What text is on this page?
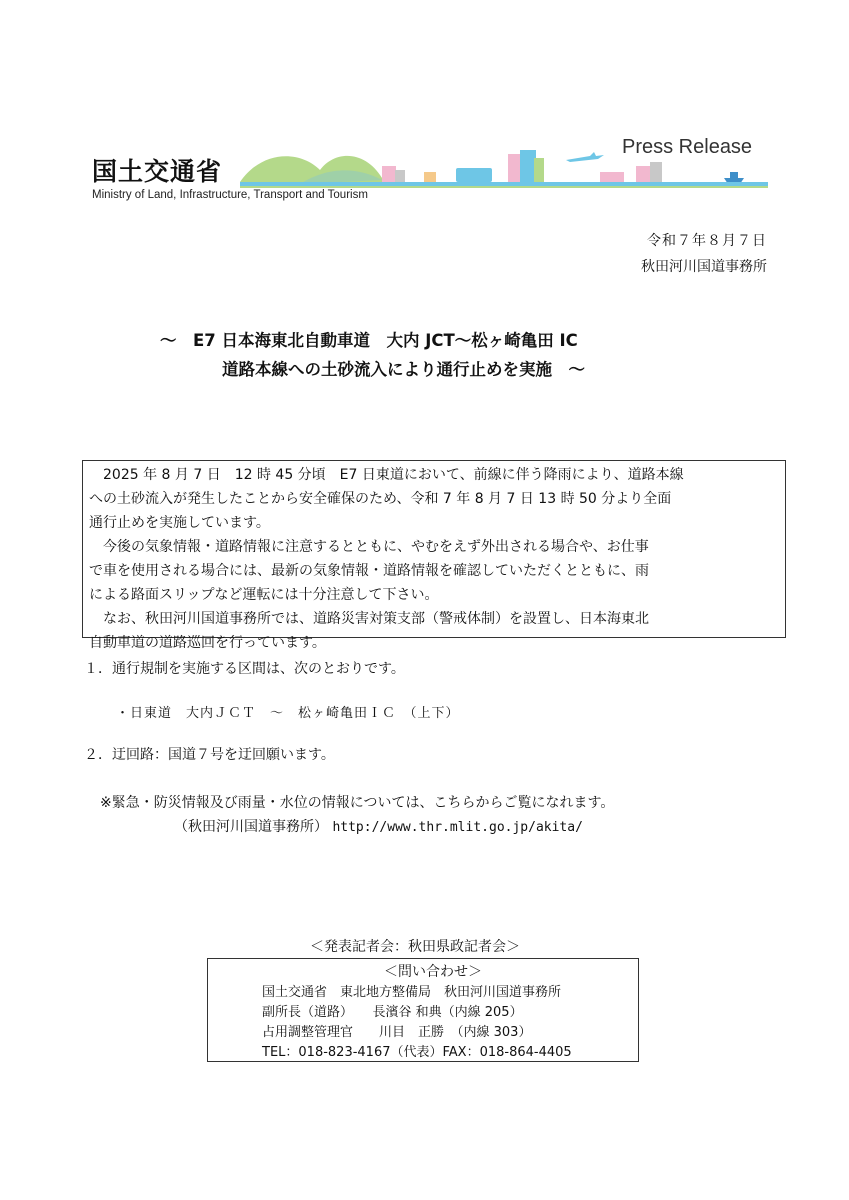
国土交通省
Ministry of Land, Infrastructure, Transport and Tourism
Press Release
令和７年８月７日
秋田河川国道事務所
～　E7 日本海東北自動車道　大内 JCT～松ヶ崎亀田 IC
道路本線への土砂流入により通行止めを実施　～

　2025 年 8 月 7 日　12 時 45 分頃　E7 日東道において、前線に伴う降雨により、道路本線

への土砂流入が発生したことから安全確保のため、令和 7 年 8 月 7 日 13 時 50 分より全面

通行止めを実施しています。

　今後の気象情報・道路情報に注意するとともに、やむをえず外出される場合や、お仕事

で車を使用される場合には、最新の気象情報・道路情報を確認していただくとともに、雨

による路面スリップなど運転には十分注意して下さい。

　なお、秋田河川国道事務所では、道路災害対策支部（警戒体制）を設置し、日本海東北

自動車道の道路巡回を行っています。

１．通行規制を実施する区間は、次のとおりです。
・日東道　大内ＪＣＴ　～　松ヶ崎亀田ＩＣ　（上下）
２．迂回路：国道７号を迂回願います。
※緊急・防災情報及び雨量・水位の情報については、こちらからご覧になれます。
（秋田河川国道事務所） http://www.thr.mlit.go.jp/akita/
＜発表記者会：秋田県政記者会＞
＜問い合わせ＞
国土交通省　東北地方整備局　秋田河川国道事務所
副所長（道路）　　長濱谷 和典（内線 205）
占用調整管理官　　川目　正勝　（内線 303）
TEL：018-823-4167（代表）FAX：018-864-4405
